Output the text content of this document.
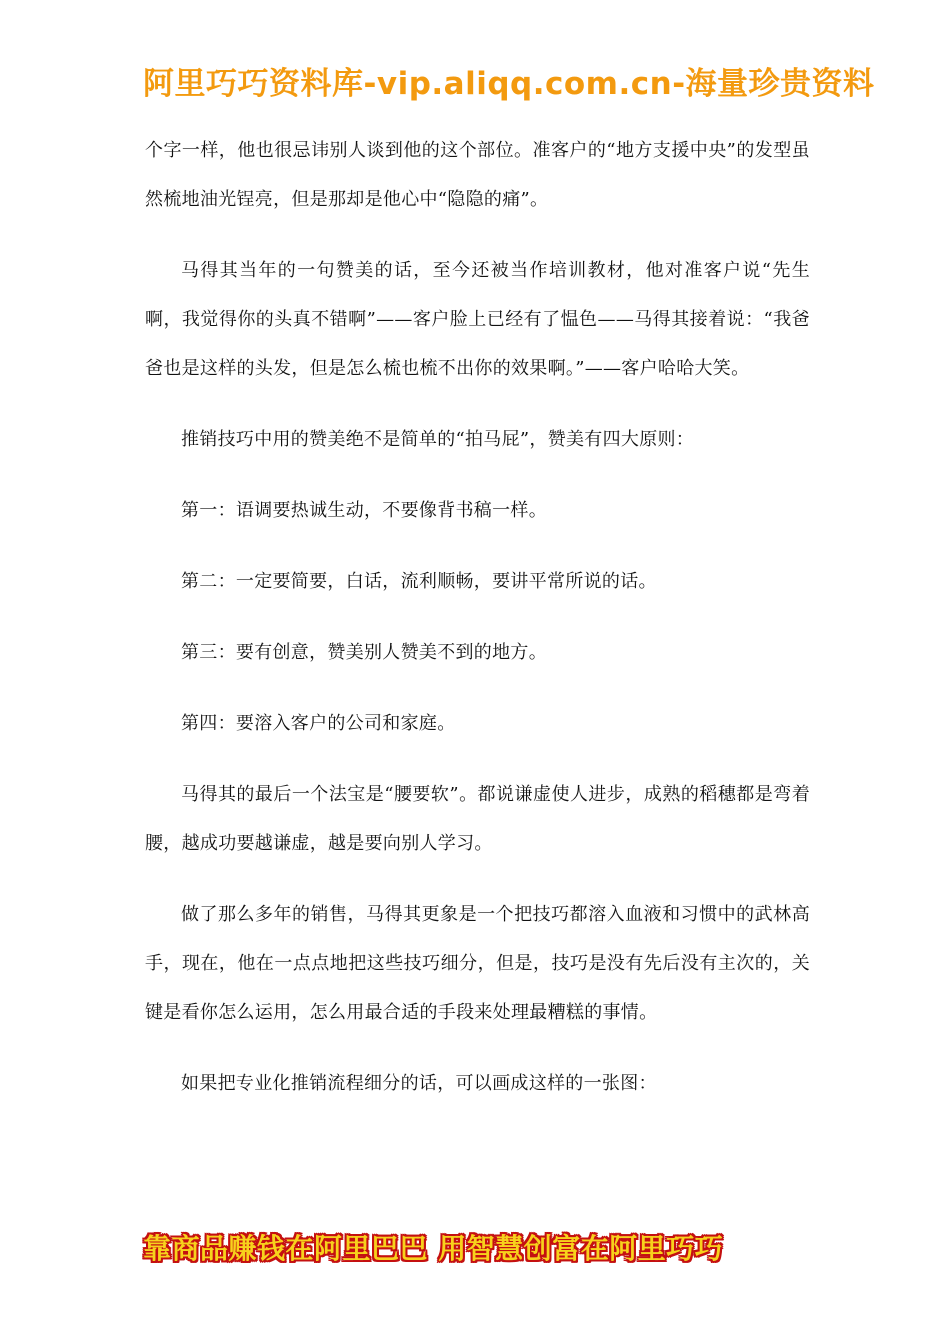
阿里巧巧资料库-vip.aliqq.com.cn-海量珍贵资料

个字一样，他也很忌讳别人谈到他的这个部位。准客户的“地方支援中央”的发型虽然梳地油光锃亮，但是那却是他心中“隐隐的痛”。

马得其当年的一句赞美的话，至今还被当作培训教材，他对准客户说“先生啊，我觉得你的头真不错啊”——客户脸上已经有了愠色——马得其接着说：“我爸爸也是这样的头发，但是怎么梳也梳不出你的效果啊。”——客户哈哈大笑。

推销技巧中用的赞美绝不是简单的“拍马屁”，赞美有四大原则：

第一：语调要热诚生动，不要像背书稿一样。

第二：一定要简要，白话，流利顺畅，要讲平常所说的话。

第三：要有创意，赞美别人赞美不到的地方。

第四：要溶入客户的公司和家庭。

马得其的最后一个法宝是“腰要软”。都说谦虚使人进步，成熟的稻穗都是弯着腰，越成功要越谦虚，越是要向别人学习。

做了那么多年的销售，马得其更象是一个把技巧都溶入血液和习惯中的武林高手，现在，他在一点点地把这些技巧细分，但是，技巧是没有先后没有主次的，关键是看你怎么运用，怎么用最合适的手段来处理最糟糕的事情。

如果把专业化推销流程细分的话，可以画成这样的一张图：

靠商品赚钱在阿里巴巴 用智慧创富在阿里巧巧
